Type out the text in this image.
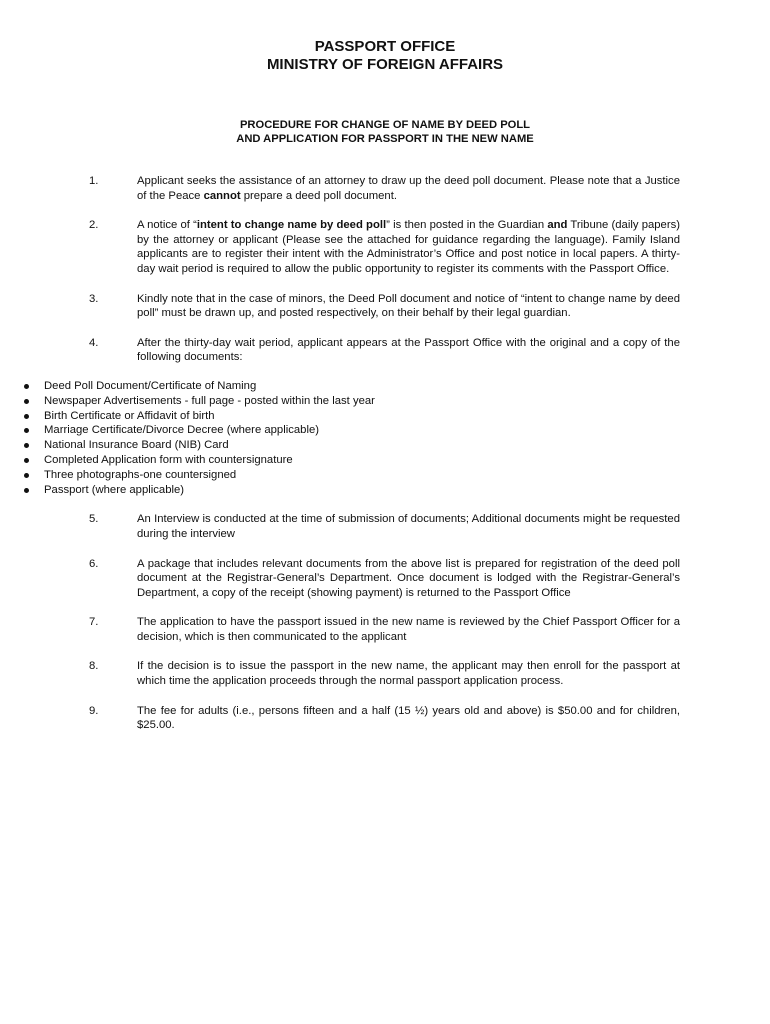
PASSPORT OFFICE
MINISTRY OF FOREIGN AFFAIRS
PROCEDURE FOR CHANGE OF NAME BY DEED POLL
AND APPLICATION FOR PASSPORT IN THE NEW NAME
1.	Applicant seeks the assistance of an attorney to draw up the deed poll document. Please note that a Justice of the Peace cannot prepare a deed poll document.
2.	A notice of “intent to change name by deed poll” is then posted in the Guardian and Tribune (daily papers) by the attorney or applicant (Please see the attached for guidance regarding the language). Family Island applicants are to register their intent with the Administrator’s Office and post notice in local papers. A thirty-day wait period is required to allow the public opportunity to register its comments with the Passport Office.
3.	Kindly note that in the case of minors, the Deed Poll document and notice of “intent to change name by deed poll” must be drawn up, and posted respectively, on their behalf by their legal guardian.
4.	After the thirty-day wait period, applicant appears at the Passport Office with the original and a copy of the following documents:
Deed Poll Document/Certificate of Naming
Newspaper Advertisements - full page - posted within the last year
Birth Certificate or Affidavit of birth
Marriage Certificate/Divorce Decree (where applicable)
National Insurance Board (NIB) Card
Completed Application form with countersignature
Three photographs-one countersigned
Passport (where applicable)
5.	An Interview is conducted at the time of submission of documents; Additional documents might be requested during the interview
6.	A package that includes relevant documents from the above list is prepared for registration of the deed poll document at the Registrar-General’s Department. Once document is lodged with the Registrar-General’s Department, a copy of the receipt (showing payment) is returned to the Passport Office
7.	The application to have the passport issued in the new name is reviewed by the Chief Passport Officer for a decision, which is then communicated to the applicant
8.	If the decision is to issue the passport in the new name, the applicant may then enroll for the passport at which time the application proceeds through the normal passport application process.
9.	The fee for adults (i.e., persons fifteen and a half (15 ½) years old and above) is $50.00 and for children, $25.00.
